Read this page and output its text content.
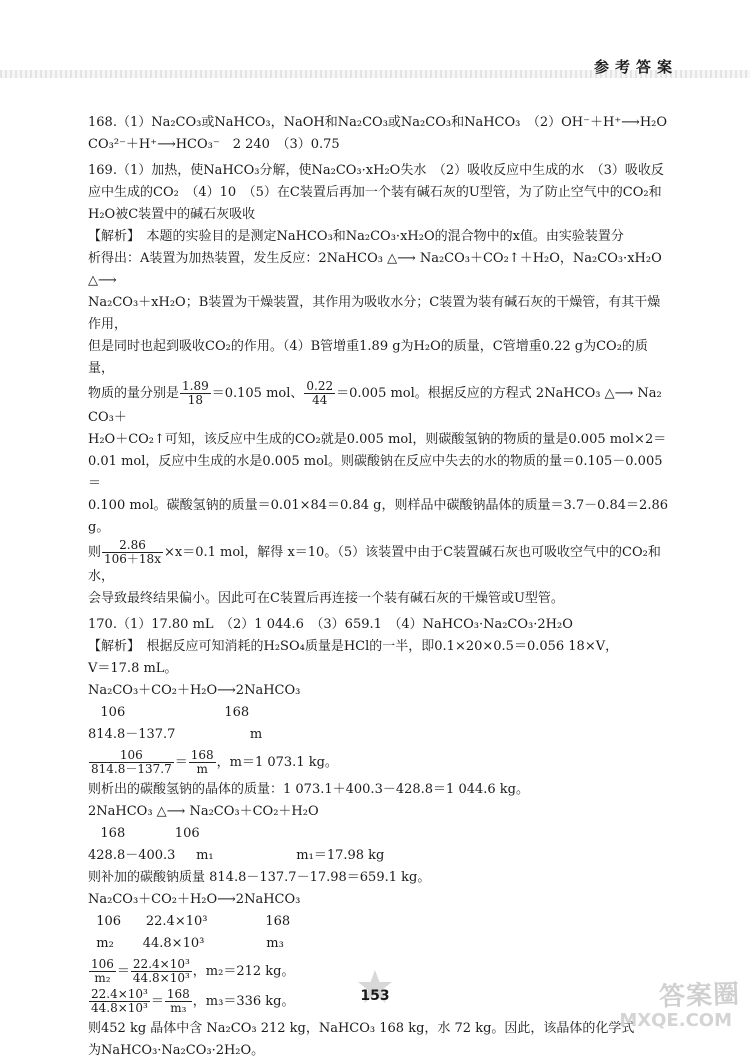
参考答案

168.（1）Na₂CO₃或NaHCO₃，NaOH和Na₂CO₃或Na₂CO₃和NaHCO₃　（2）OH⁻＋H⁺⟶H₂O

CO₃²⁻＋H⁺⟶HCO₃⁻　2 240　（3）0.75

169.（1）加热，使NaHCO₃分解，使Na₂CO₃·xH₂O失水　（2）吸收反应中生成的水　（3）吸收反

应中生成的CO₂　（4）10　（5）在C装置后再加一个装有碱石灰的U型管，为了防止空气中的CO₂和

H₂O被C装置中的碱石灰吸收

【解析】　本题的实验目的是测定NaHCO₃和Na₂CO₃·xH₂O的混合物中的x值。由实验装置分

析得出：A装置为加热装置，发生反应：2NaHCO₃ △⟶ Na₂CO₃＋CO₂↑＋H₂O，Na₂CO₃·xH₂O △⟶

Na₂CO₃＋xH₂O；B装置为干燥装置，其作用为吸收水分；C装置为装有碱石灰的干燥管，有其干燥作用，

但是同时也起到吸收CO₂的作用。（4）B管增重1.89 g为H₂O的质量，C管增重0.22 g为CO₂的质量，

物质的量分别是 $\frac{1.89}{18} =0.105$ mol、 $\frac{0.22}{44} =0.005$ mol。根据反应的方程式 2NaHCO₃ △⟶ Na₂CO₃＋

H₂O＋CO₂↑可知，该反应中生成的CO₂就是0.005 mol，则碳酸氢钠的物质的量是0.005 mol×2＝

0.01 mol，反应中生成的水是0.005 mol。则碳酸钠在反应中失去的水的物质的量＝0.105－0.005＝

0.100 mol。碳酸氢钠的质量＝0.01×84＝0.84 g，则样品中碳酸钠晶体的质量＝3.7－0.84＝2.86 g。

则 $\frac{2.86}{106+18x} \times x=0.1$ mol，解得 x＝10。（5）该装置中由于C装置碱石灰也可吸收空气中的CO₂和水，

会导致最终结果偏小。因此可在C装置后再连接一个装有碱石灰的干燥管或U型管。

170.（1）17.80 mL　（2）1 044.6　（3）659.1　（4）NaHCO₃·Na₂CO₃·2H₂O

【解析】　根据反应可知消耗的H₂SO₄质量是HCl的一半，即0.1×20×0.5＝0.056 18×V，

V＝17.8 mL。

Na₂CO₃＋CO₂＋H₂O⟶2NaHCO₃

106                        168

814.8－137.7                  m

$\frac{106}{814.8-137.7} = \frac{168}{m}$ ，m＝1 073.1 kg。

则析出的碳酸氢钠的晶体的质量：1 073.1＋400.3－428.8＝1 044.6 kg。

2NaHCO₃ △⟶ Na₂CO₃＋CO₂＋H₂O

168            106

428.8－400.3     m₁                    m₁＝17.98 kg

则补加的碳酸钠质量 814.8－137.7－17.98＝659.1 kg。

Na₂CO₃＋CO₂＋H₂O⟶2NaHCO₃

106      22.4×10³              168

m₂       44.8×10³               m₃

$\frac{106}{\text{m₂}} = \frac{\text{22.4×10³}}{\text{44.8×10³}}$ ，m₂＝212 kg。

$\frac{\text{22.4×10³}}{\text{44.8×10³}} = \frac{168}{\text{m₃}}$ ，m₃＝336 kg。

则452 kg 晶体中含 Na₂CO₃ 212 kg，NaHCO₃ 168 kg，水 72 kg。因此，该晶体的化学式

为NaHCO₃·Na₂CO₃·2H₂O。

153	答案圈
MXQE.COM
